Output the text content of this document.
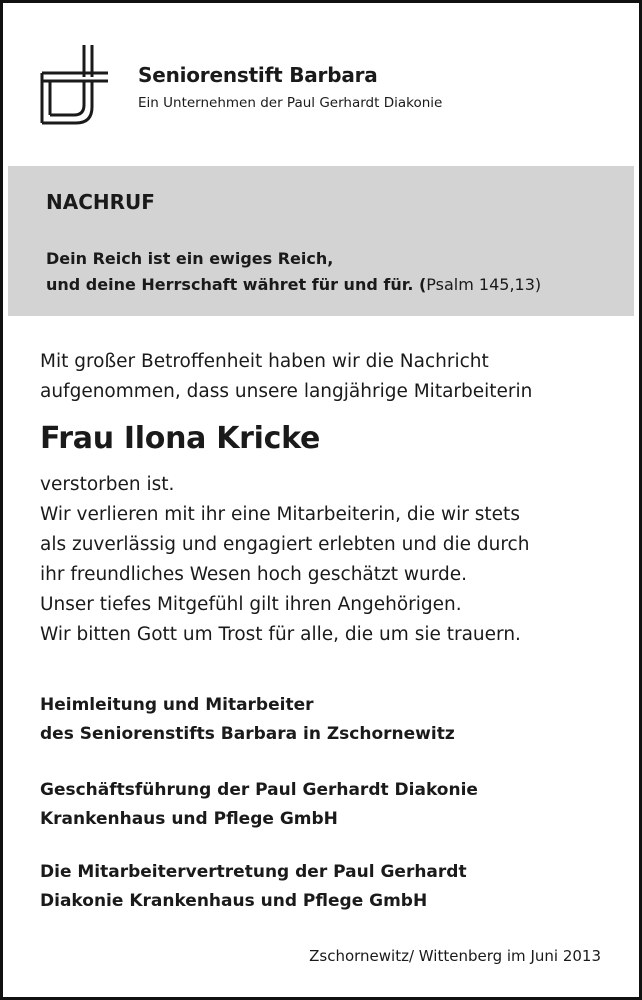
Seniorenstift Barbara
Ein Unternehmen der Paul Gerhardt Diakonie
NACHRUF
Dein Reich ist ein ewiges Reich,
und deine Herrschaft währet für und für. (Psalm 145,13)
Mit großer Betroffenheit haben wir die Nachricht
aufgenommen, dass unsere langjährige Mitarbeiterin
Frau Ilona Kricke
verstorben ist.
Wir verlieren mit ihr eine Mitarbeiterin, die wir stets
als zuverlässig und engagiert erlebten und die durch
ihr freundliches Wesen hoch geschätzt wurde.
Unser tiefes Mitgefühl gilt ihren Angehörigen.
Wir bitten Gott um Trost für alle, die um sie trauern.
Heimleitung und Mitarbeiter
des Seniorenstifts Barbara in Zschornewitz
Geschäftsführung der Paul Gerhardt Diakonie
Krankenhaus und Pflege GmbH
Die Mitarbeitervertretung der Paul Gerhardt
Diakonie Krankenhaus und Pflege GmbH
Zschornewitz/ Wittenberg im Juni 2013
